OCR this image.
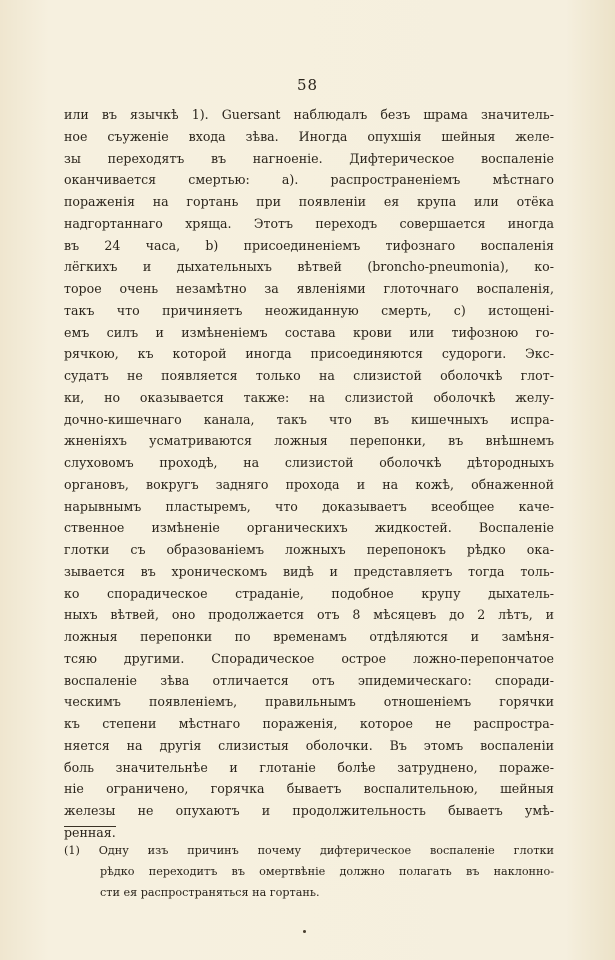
58
или въ язычкѣ 1). Guersant наблюдалъ безъ шрама значитель-
ное съуженіе входа зѣва. Иногда опухшія шейныя желе-
зы переходятъ въ нагноеніе. Дифтерическое воспаленіе
оканчивается смертью: а). распространеніемъ мѣстнаго
пораженія на гортань при появленіи ея крупа или отёка
надгортаннаго хряща. Этотъ переходъ совершается иногда
въ 24 часа, b) присоединеніемъ тифознаго воспаленія
лёгкихъ и дыхательныхъ вѣтвей (broncho-pneumonia), ко-
торое очень незамѣтно за явленіями глоточнаго воспаленія,
такъ что причиняетъ неожиданную смерть, c) истощені-
емъ силъ и измѣненіемъ состава крови или тифозною го-
рячкою, къ которой иногда присоединяются судороги. Экс-
судатъ не появляется только на слизистой оболочкѣ глот-
ки, но оказывается также: на слизистой оболочкѣ желу-
дочно-кишечнаго канала, такъ что въ кишечныхъ испра-
жненіяхъ усматриваются ложныя перепонки, въ внѣшнемъ
слуховомъ проходѣ, на слизистой оболочкѣ дѣтородныхъ
органовъ, вокругъ задняго прохода и на кожѣ, обнаженной
нарывнымъ пластыремъ, что доказываетъ всеобщее каче-
ственное измѣненіе органическихъ жидкостей. Воспаленіе
глотки съ образованіемъ ложныхъ перепонокъ рѣдко ока-
зывается въ хроническомъ видѣ и представляетъ тогда толь-
ко спорадическое страданіе, подобное крупу дыхатель-
ныхъ вѣтвей, оно продолжается отъ 8 мѣсяцевъ до 2 лѣтъ, и
ложныя перепонки по временамъ отдѣляются и замѣня-
тсяю другими. Спорадическое острое ложно-перепончатое
воспаленіе зѣва отличается отъ эпидемическаго: споради-
ческимъ появленіемъ, правильнымъ отношеніемъ горячки
къ степени мѣстнаго пораженія, которое не распростра-
няется на другія слизистыя оболочки. Въ этомъ воспаленіи
боль значительнѣе и глотаніе болѣе затруднено, пораже-
ніе ограничено, горячка бываетъ воспалительною, шейныя
железы не опухаютъ и продолжительность бываетъ умѣ-
ренная.
(1) Одну изъ причинъ почему дифтерическое воспаленіе глотки
рѣдко переходитъ въ омертвѣніе должно полагать въ наклонно-
сти ея распространяться на гортань.
